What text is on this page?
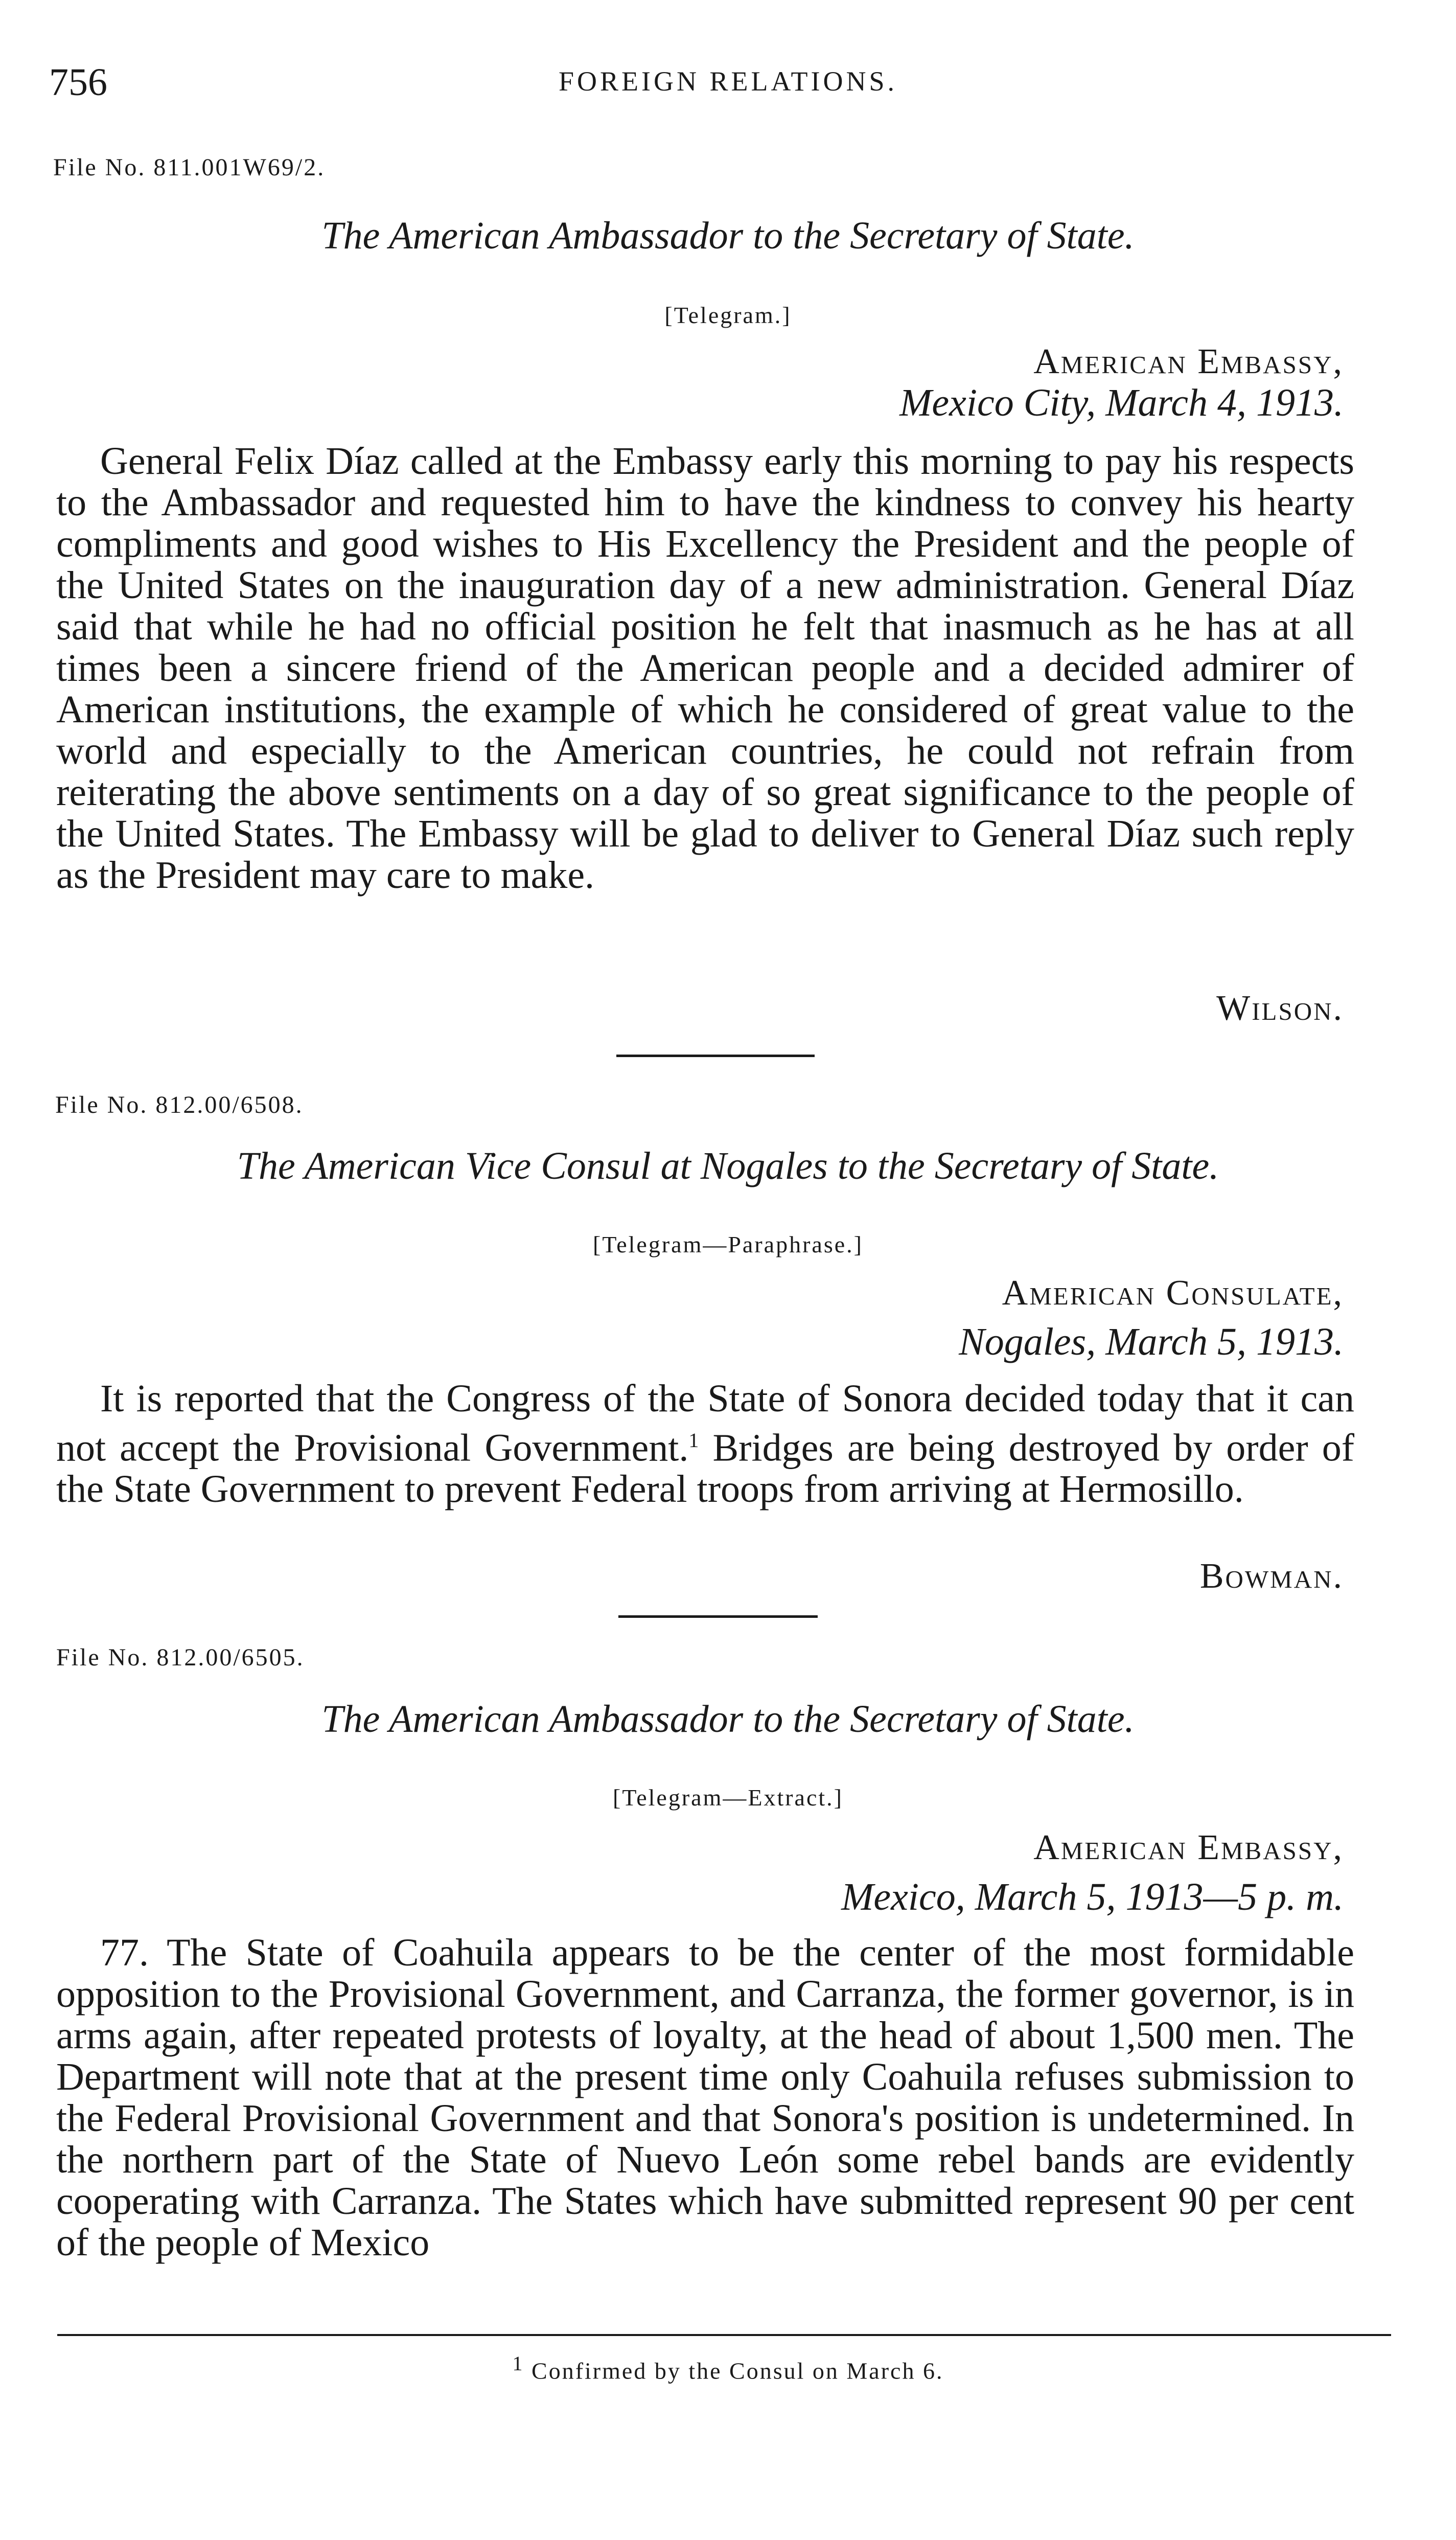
756	FOREIGN RELATIONS.
File No. 811.001W69/2.
The American Ambassador to the Secretary of State.
[Telegram.]
American Embassy,
Mexico City, March 4, 1913.
General Felix Díaz called at the Embassy early this morning to pay his respects to the Ambassador and requested him to have the kindness to convey his hearty compliments and good wishes to His Excellency the President and the people of the United States on the inauguration day of a new administration. General Díaz said that while he had no official position he felt that inasmuch as he has at all times been a sincere friend of the American people and a decided admirer of American institutions, the example of which he considered of great value to the world and especially to the American countries, he could not refrain from reiterating the above sentiments on a day of so great significance to the people of the United States. The Embassy will be glad to deliver to General Díaz such reply as the President may care to make.
Wilson.
File No. 812.00/6508.
The American Vice Consul at Nogales to the Secretary of State.
[Telegram—Paraphrase.]
American Consulate,
Nogales, March 5, 1913.
It is reported that the Congress of the State of Sonora decided today that it can not accept the Provisional Government.$^1$ Bridges are being destroyed by order of the State Government to prevent Federal troops from arriving at Hermosillo.
Bowman.
File No. 812.00/6505.
The American Ambassador to the Secretary of State.
[Telegram—Extract.]
American Embassy,
Mexico, March 5, 1913—5 p. m.
77. The State of Coahuila appears to be the center of the most formidable opposition to the Provisional Government, and Carranza, the former governor, is in arms again, after repeated protests of loyalty, at the head of about 1,500 men. The Department will note that at the present time only Coahuila refuses submission to the Federal Provisional Government and that Sonora's position is undetermined. In the northern part of the State of Nuevo León some rebel bands are evidently cooperating with Carranza. The States which have submitted represent 90 per cent of the people of Mexico
$^1$ Confirmed by the Consul on March 6.
